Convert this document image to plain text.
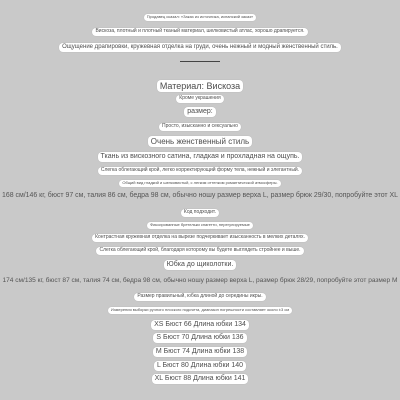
Продавец сказал: «Заказ из источника, испанский заказ»
Вискоза, плотный и плотный тканый материал, шелковистый атлас, хорошо драпируется.
Ощущение драпировки, кружевная отделка на груди, очень нежный и модный женственный стиль.
Материал: Вискоза
Кроме украшения
размер:
Просто, изысканно и сексуально
Очень женственный стиль
Ткань из вискозного сатина, гладкая и прохладная на ощупь.
Слегка облегающий крой, легко корректирующий форму тела, нежный и элегантный.
Общий вид гладкий и шелковистый, с легким оттенком романтической атмосферы.
168 см/146 кг, бюст 97 см, талия 86 см, бедра 98 см, обычно ношу размер верха L, размер брюк 29/30, попробуйте этот XL
Код подходит.
Фиксированные бретельки спагетти, нерегулируемые
Контрастная кружевная отделка на вырезе подчеркивает изысканность в мелких деталях.
Слегка облегающий крой, благодаря которому вы будете выглядеть стройнее и выше.
Юбка до щиколотки.
174 см/135 кг, бюст 87 см, талия 74 см, бедра 98 см, обычно ношу размер верха L, размер брюк 28/29, попробуйте этот размер M
Размер правильный, юбка длиной до середины икры.
Измерения выборки ручного плоского подсчета, диапазон погрешности составляет около ±3 см
XS Бюст 66 Длина юбки 134
S Бюст 70 Длина юбки 136
M Бюст 74 Длина юбки 138
L Бюст 80 Длина юбки 140
XL Бюст 88 Длина юбки 141
